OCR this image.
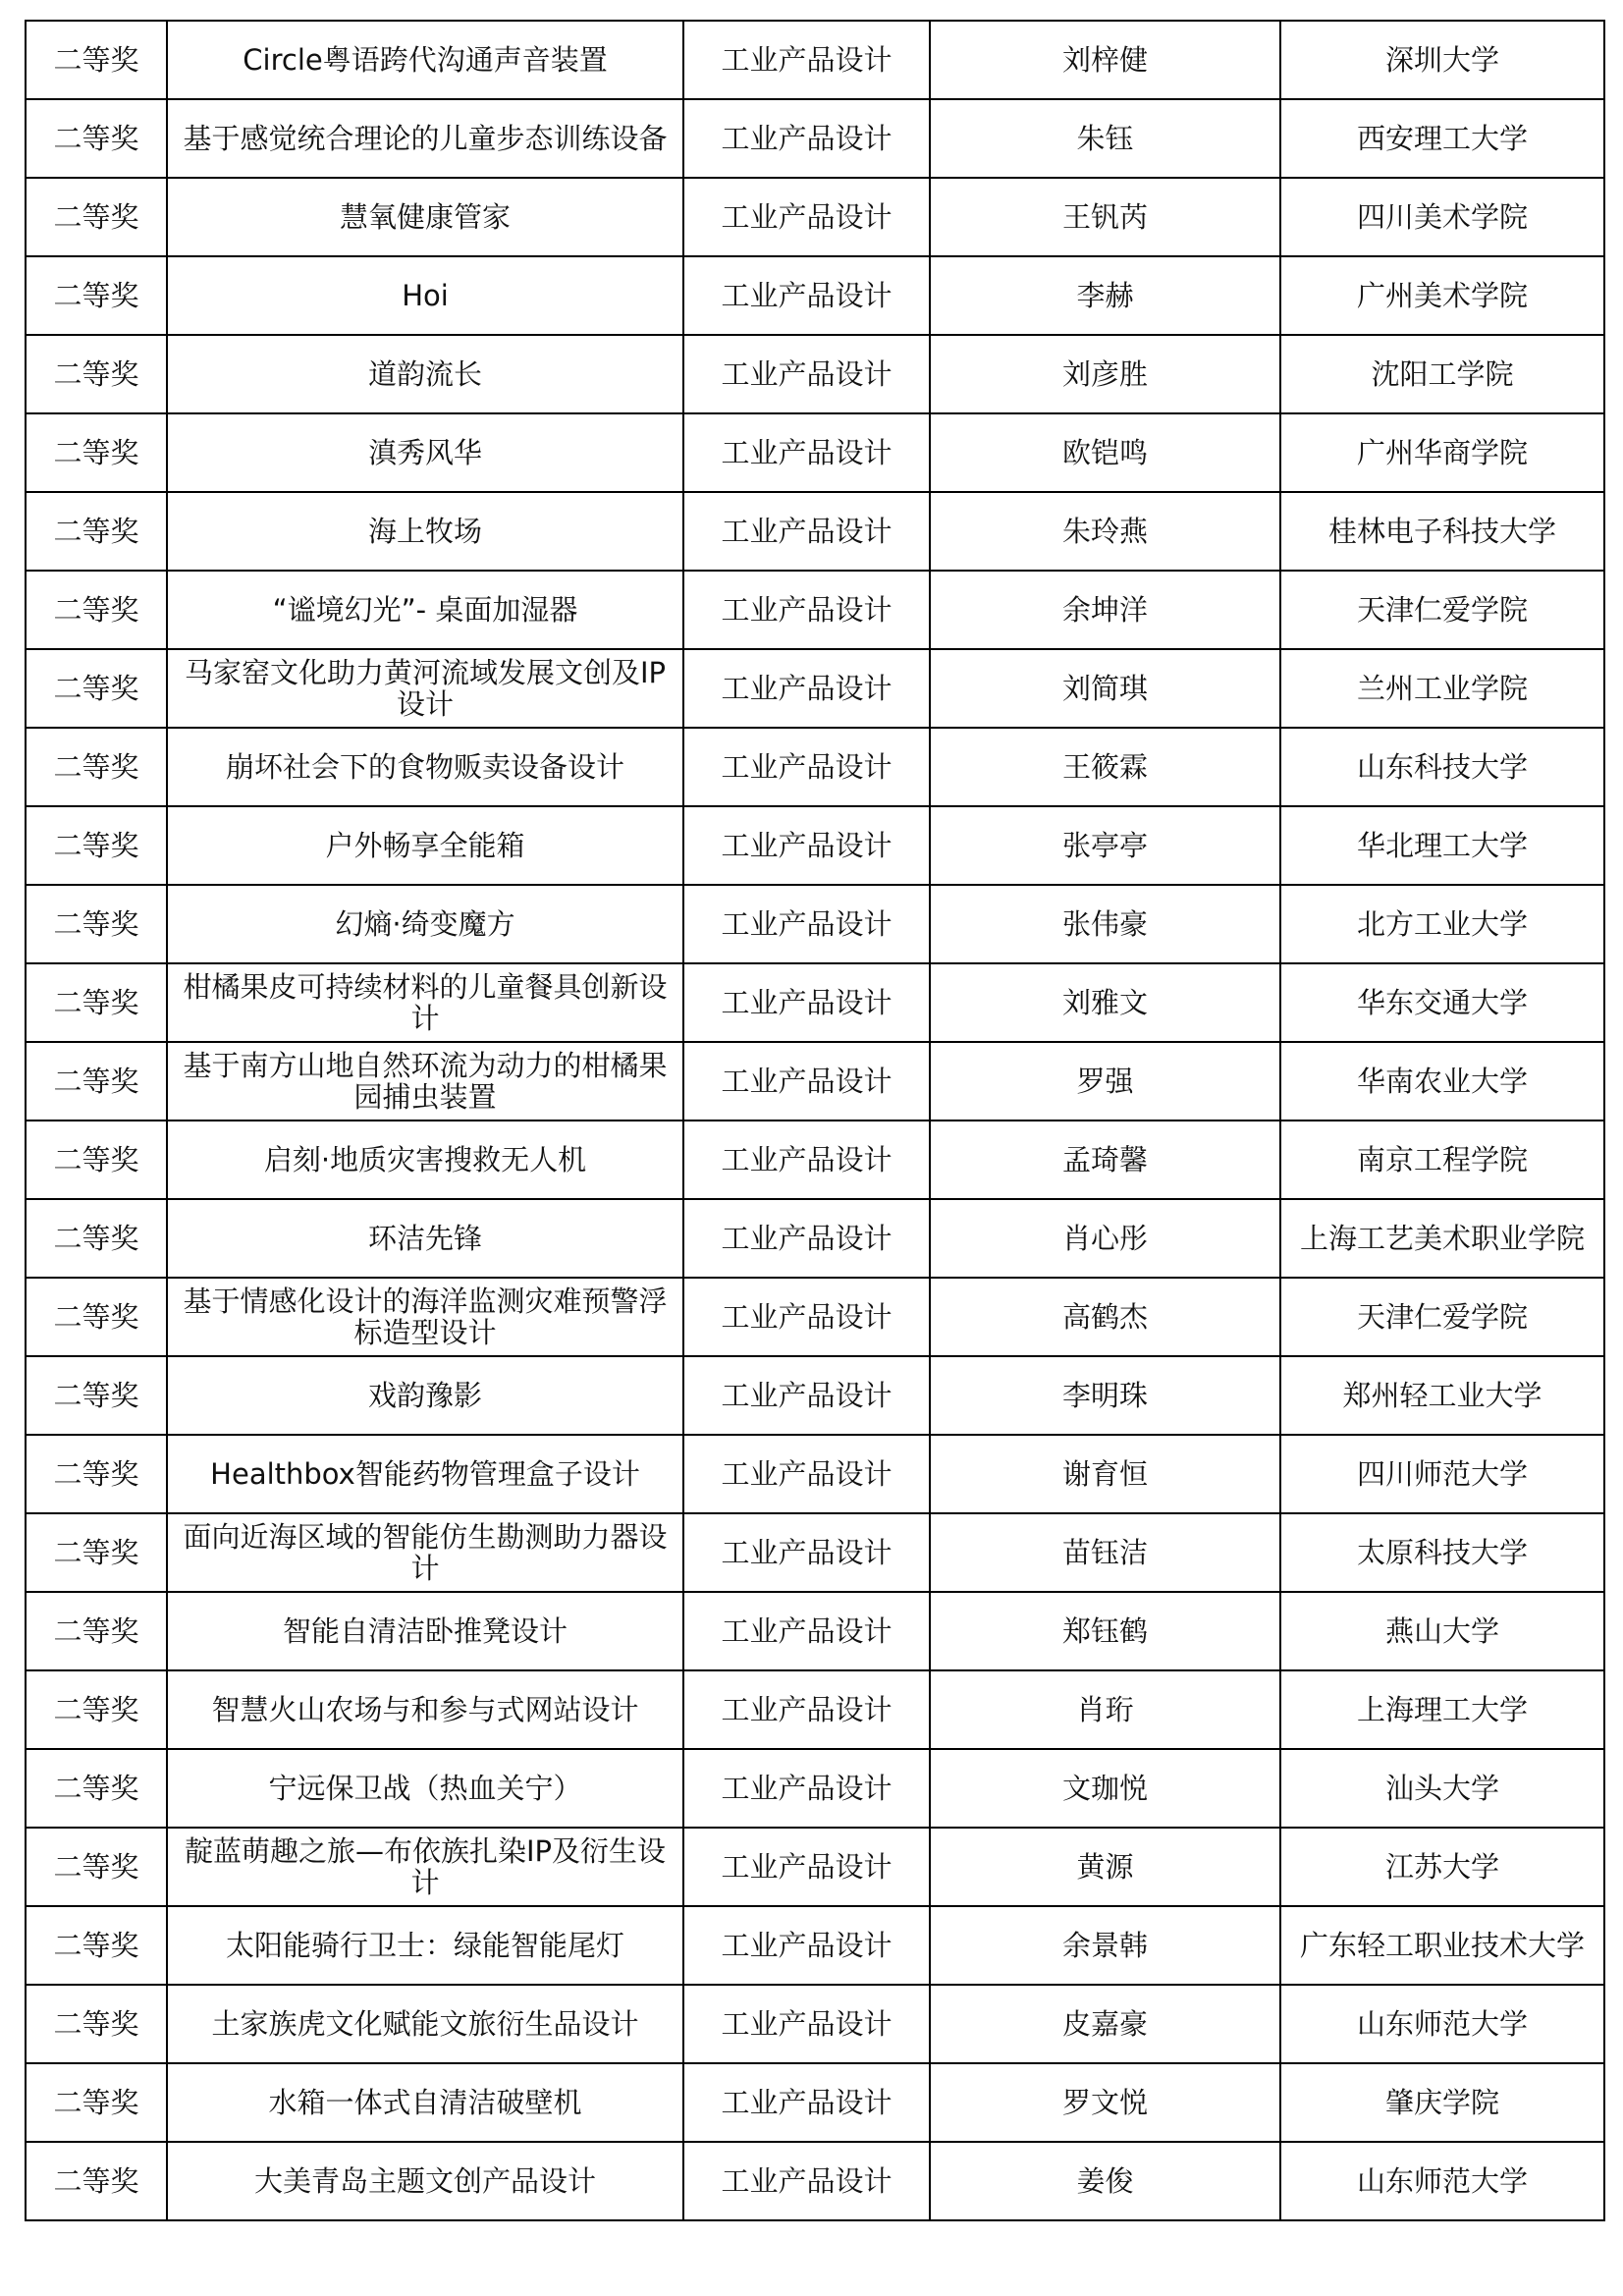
二等奖	Circle粤语跨代沟通声音装置	工业产品设计	刘梓健	深圳大学
二等奖	基于感觉统合理论的儿童步态训练设备	工业产品设计	朱钰	西安理工大学
二等奖	慧氧健康管家	工业产品设计	王钒芮	四川美术学院
二等奖	Hoi	工业产品设计	李赫	广州美术学院
二等奖	道韵流长	工业产品设计	刘彦胜	沈阳工学院
二等奖	滇秀风华	工业产品设计	欧铠鸣	广州华商学院
二等奖	海上牧场	工业产品设计	朱玲燕	桂林电子科技大学
二等奖	“谧境幻光”- 桌面加湿器	工业产品设计	余坤洋	天津仁爱学院
二等奖	马家窑文化助力黄河流域发展文创及IP设计	工业产品设计	刘简琪	兰州工业学院
二等奖	崩坏社会下的食物贩卖设备设计	工业产品设计	王筱霖	山东科技大学
二等奖	户外畅享全能箱	工业产品设计	张亭亭	华北理工大学
二等奖	幻熵·绮变魔方	工业产品设计	张伟豪	北方工业大学
二等奖	柑橘果皮可持续材料的儿童餐具创新设计	工业产品设计	刘雅文	华东交通大学
二等奖	基于南方山地自然环流为动力的柑橘果园捕虫装置	工业产品设计	罗强	华南农业大学
二等奖	启刻·地质灾害搜救无人机	工业产品设计	孟琦馨	南京工程学院
二等奖	环洁先锋	工业产品设计	肖心彤	上海工艺美术职业学院
二等奖	基于情感化设计的海洋监测灾难预警浮标造型设计	工业产品设计	高鹤杰	天津仁爱学院
二等奖	戏韵豫影	工业产品设计	李明珠	郑州轻工业大学
二等奖	Healthbox智能药物管理盒子设计	工业产品设计	谢育恒	四川师范大学
二等奖	面向近海区域的智能仿生勘测助力器设计	工业产品设计	苗钰洁	太原科技大学
二等奖	智能自清洁卧推凳设计	工业产品设计	郑钰鹤	燕山大学
二等奖	智慧火山农场与和参与式网站设计	工业产品设计	肖珩	上海理工大学
二等奖	宁远保卫战（热血关宁）	工业产品设计	文珈悦	汕头大学
二等奖	靛蓝萌趣之旅—布依族扎染IP及衍生设计	工业产品设计	黄源	江苏大学
二等奖	太阳能骑行卫士：绿能智能尾灯	工业产品设计	余景韩	广东轻工职业技术大学
二等奖	土家族虎文化赋能文旅衍生品设计	工业产品设计	皮嘉豪	山东师范大学
二等奖	水箱一体式自清洁破壁机	工业产品设计	罗文悦	肇庆学院
二等奖	大美青岛主题文创产品设计	工业产品设计	姜俊	山东师范大学
